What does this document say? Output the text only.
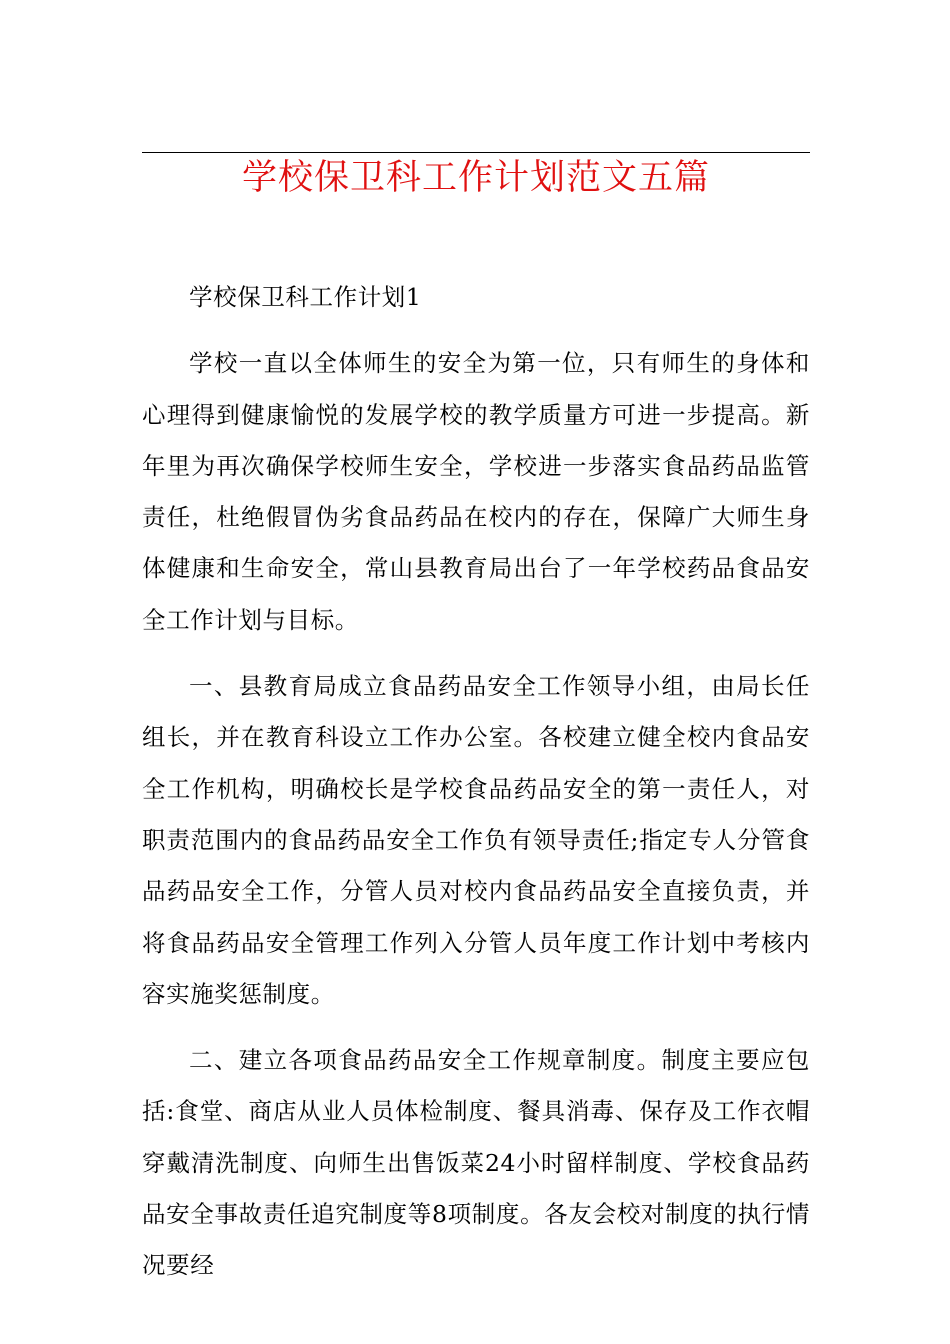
学校保卫科工作计划范文五篇

学校保卫科工作计划1

学校一直以全体师生的安全为第一位，只有师生的身体和心理得到健康愉悦的发展学校的教学质量方可进一步提高。新年里为再次确保学校师生安全，学校进一步落实食品药品监管责任，杜绝假冒伪劣食品药品在校内的存在，保障广大师生身体健康和生命安全，常山县教育局出台了一年学校药品食品安全工作计划与目标。

一、县教育局成立食品药品安全工作领导小组，由局长任组长，并在教育科设立工作办公室。各校建立健全校内食品安全工作机构，明确校长是学校食品药品安全的第一责任人，对职责范围内的食品药品安全工作负有领导责任;指定专人分管食品药品安全工作，分管人员对校内食品药品安全直接负责，并将食品药品安全管理工作列入分管人员年度工作计划中考核内容实施奖惩制度。

二、建立各项食品药品安全工作规章制度。制度主要应包括:食堂、商店从业人员体检制度、餐具消毒、保存及工作衣帽穿戴清洗制度、向师生出售饭菜24小时留样制度、学校食品药品安全事故责任追究制度等8项制度。各友会校对制度的执行情况要经
